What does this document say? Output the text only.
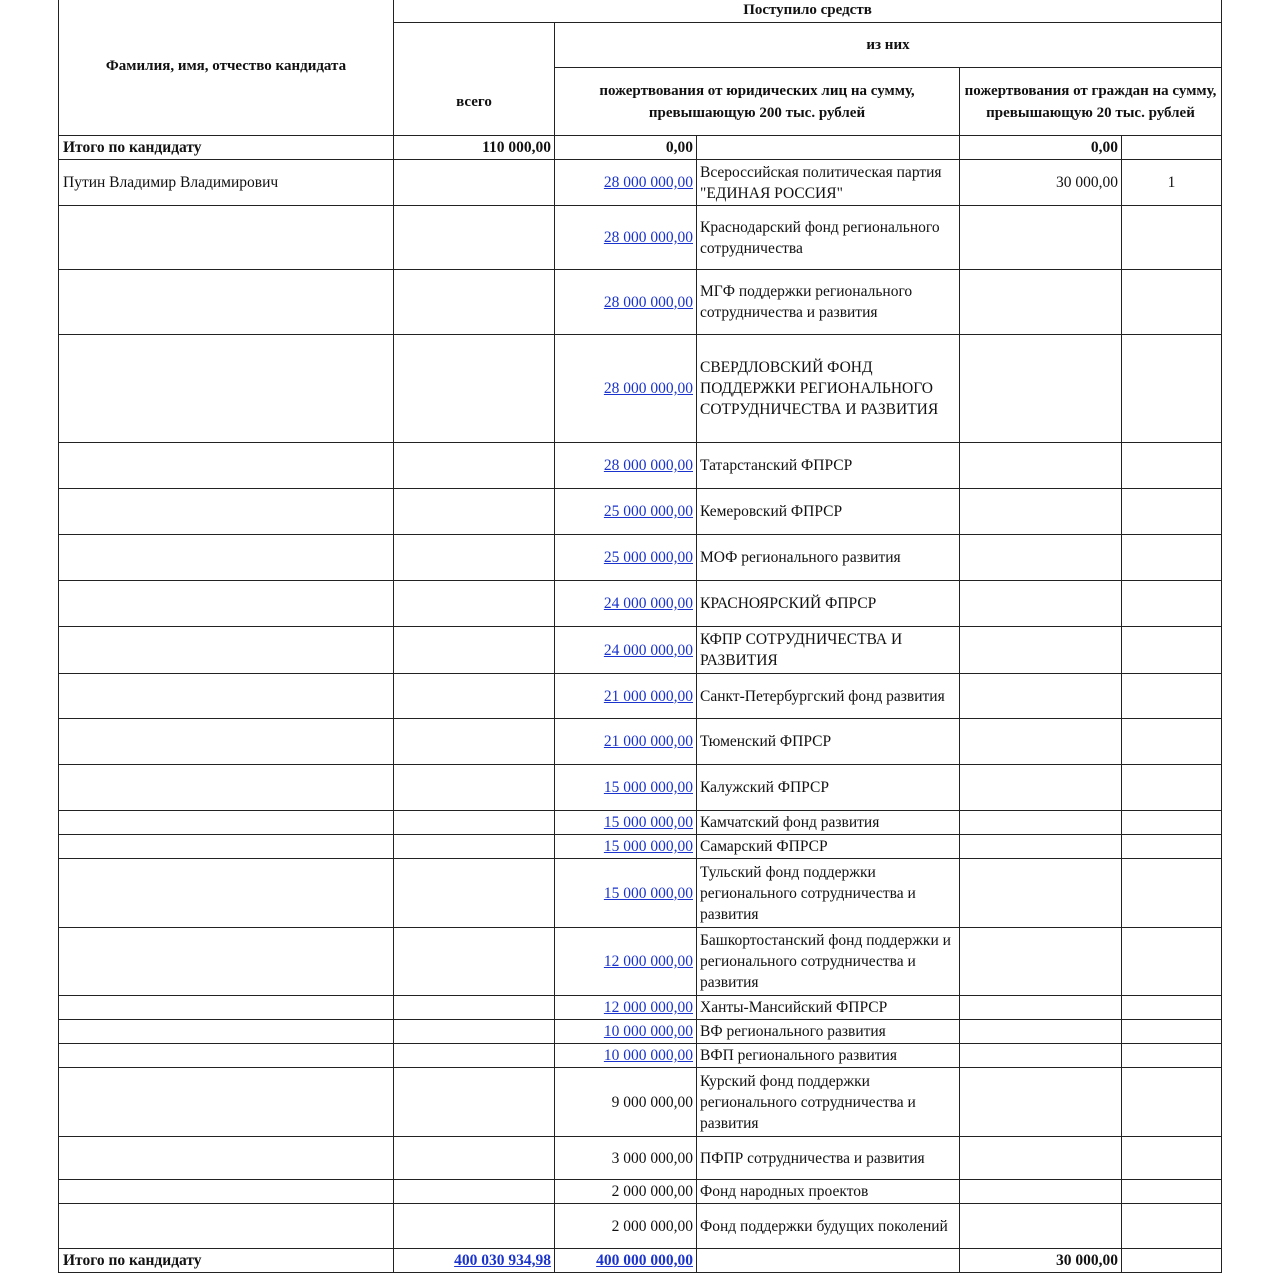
Фамилия, имя, отчество кандидата	Поступило средств				
	всего	из них			
		пожертвования от юридических лиц на сумму, превышающую 200 тыс. рублей		пожертвования от граждан на сумму, превышающую 20 тыс. рублей	
Итого по кандидату	110 000,00	0,00		0,00	
Путин Владимир Владимирович		28 000 000,00	Всероссийская политическая партия "ЕДИНАЯ РОССИЯ"	30 000,00	1
		28 000 000,00	Краснодарский фонд регионального сотрудничества		
		28 000 000,00	МГФ поддержки регионального сотрудничества и развития		
		28 000 000,00	СВЕРДЛОВСКИЙ ФОНД ПОДДЕРЖКИ РЕГИОНАЛЬНОГО СОТРУДНИЧЕСТВА И РАЗВИТИЯ		
		28 000 000,00	Татарстанский ФПРСР		
		25 000 000,00	Кемеровский ФПРСР		
		25 000 000,00	МОФ регионального развития		
		24 000 000,00	КРАСНОЯРСКИЙ ФПРСР		
		24 000 000,00	КФПР СОТРУДНИЧЕСТВА И РАЗВИТИЯ		
		21 000 000,00	Санкт-Петербургский фонд развития		
		21 000 000,00	Тюменский ФПРСР		
		15 000 000,00	Калужский ФПРСР		
		15 000 000,00	Камчатский фонд развития		
		15 000 000,00	Самарский ФПРСР		
		15 000 000,00	Тульский фонд поддержки регионального сотрудничества и развития		
		12 000 000,00	Башкортостанский фонд поддержки и регионального сотрудничества и развития		
		12 000 000,00	Ханты-Мансийский ФПРСР		
		10 000 000,00	ВФ регионального развития		
		10 000 000,00	ВФП регионального развития		
		9 000 000,00	Курский фонд поддержки регионального сотрудничества и развития		
		3 000 000,00	ПФПР сотрудничества и развития		
		2 000 000,00	Фонд народных проектов		
		2 000 000,00	Фонд поддержки будущих поколений		
Итого по кандидату	400 030 934,98	400 000 000,00		30 000,00	
